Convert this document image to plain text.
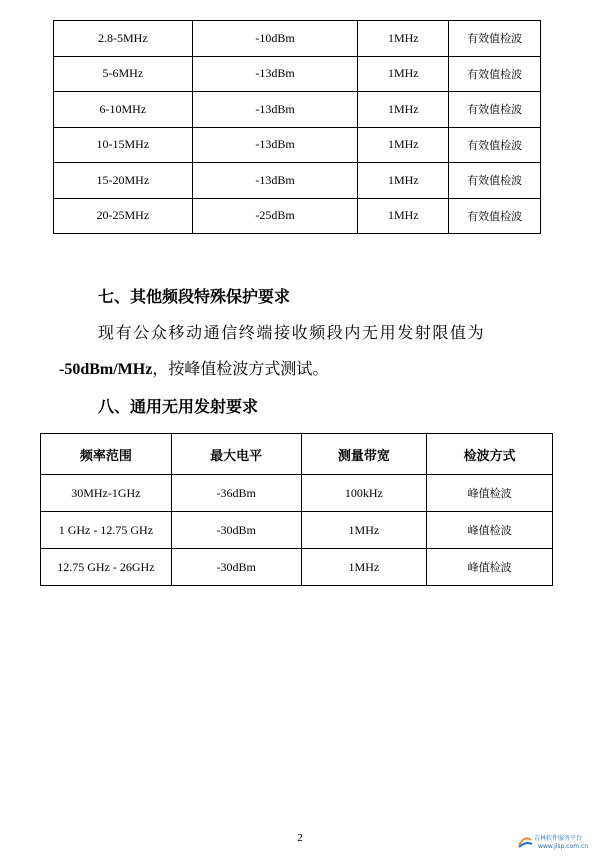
2.8-5MHz	-10dBm	1MHz	有效值检波
5-6MHz	-13dBm	1MHz	有效值检波
6-10MHz	-13dBm	1MHz	有效值检波
10-15MHz	-13dBm	1MHz	有效值检波
15-20MHz	-13dBm	1MHz	有效值检波
20-25MHz	-25dBm	1MHz	有效值检波
七、其他频段特殊保护要求
现有公众移动通信终端接收频段内无用发射限值为
-50dBm/MHz，按峰值检波方式测试。
八、通用无用发射要求
频率范围	最大电平	测量带宽	检波方式
30MHz-1GHz	-36dBm	100kHz	峰值检波
1 GHz - 12.75 GHz	-30dBm	1MHz	峰值检波
12.75 GHz - 26GHz	-30dBm	1MHz	峰值检波
2	吉林软件服务平台
www.jlsp.com.cn
